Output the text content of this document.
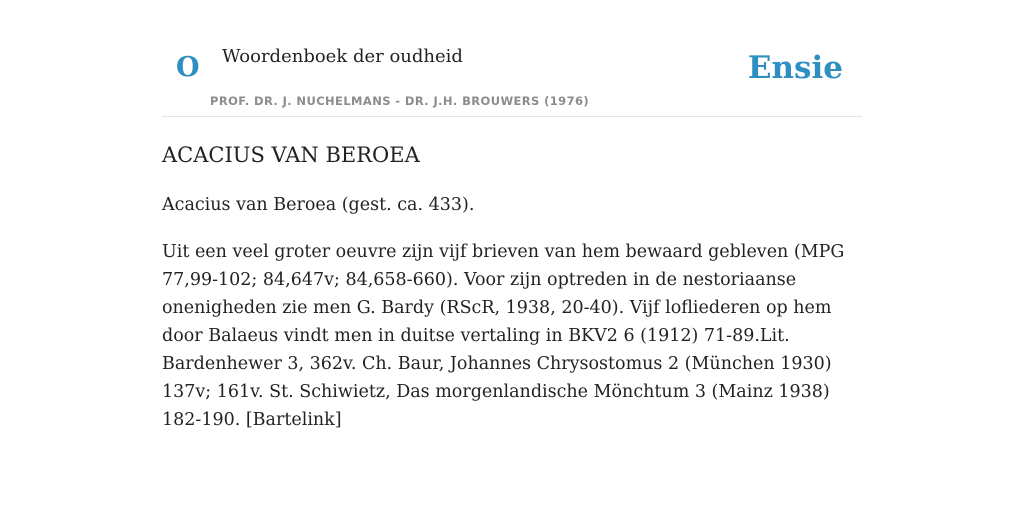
O Woordenboek der oudheid
PROF. DR. J. NUCHELMANS - DR. J.H. BROUWERS (1976)
Ensie
ACACIUS VAN BEROEA

Acacius van Beroea (gest. ca. 433).

Uit een veel groter oeuvre zijn vijf brieven van hem bewaard gebleven (MPG 77,99-102; 84,647v; 84,658-660). Voor zijn optreden in de nestoriaanse onenigheden zie men G. Bardy (RScR, 1938, 20-40). Vijf lofliederen op hem door Balaeus vindt men in duitse vertaling in BKV2 6 (1912) 71-89.Lit. Bardenhewer 3, 362v. Ch. Baur, Johannes Chrysostomus 2 (München 1930) 137v; 161v. St. Schiwietz, Das morgenlandische Mönchtum 3 (Mainz 1938) 182-190. [Bartelink]
